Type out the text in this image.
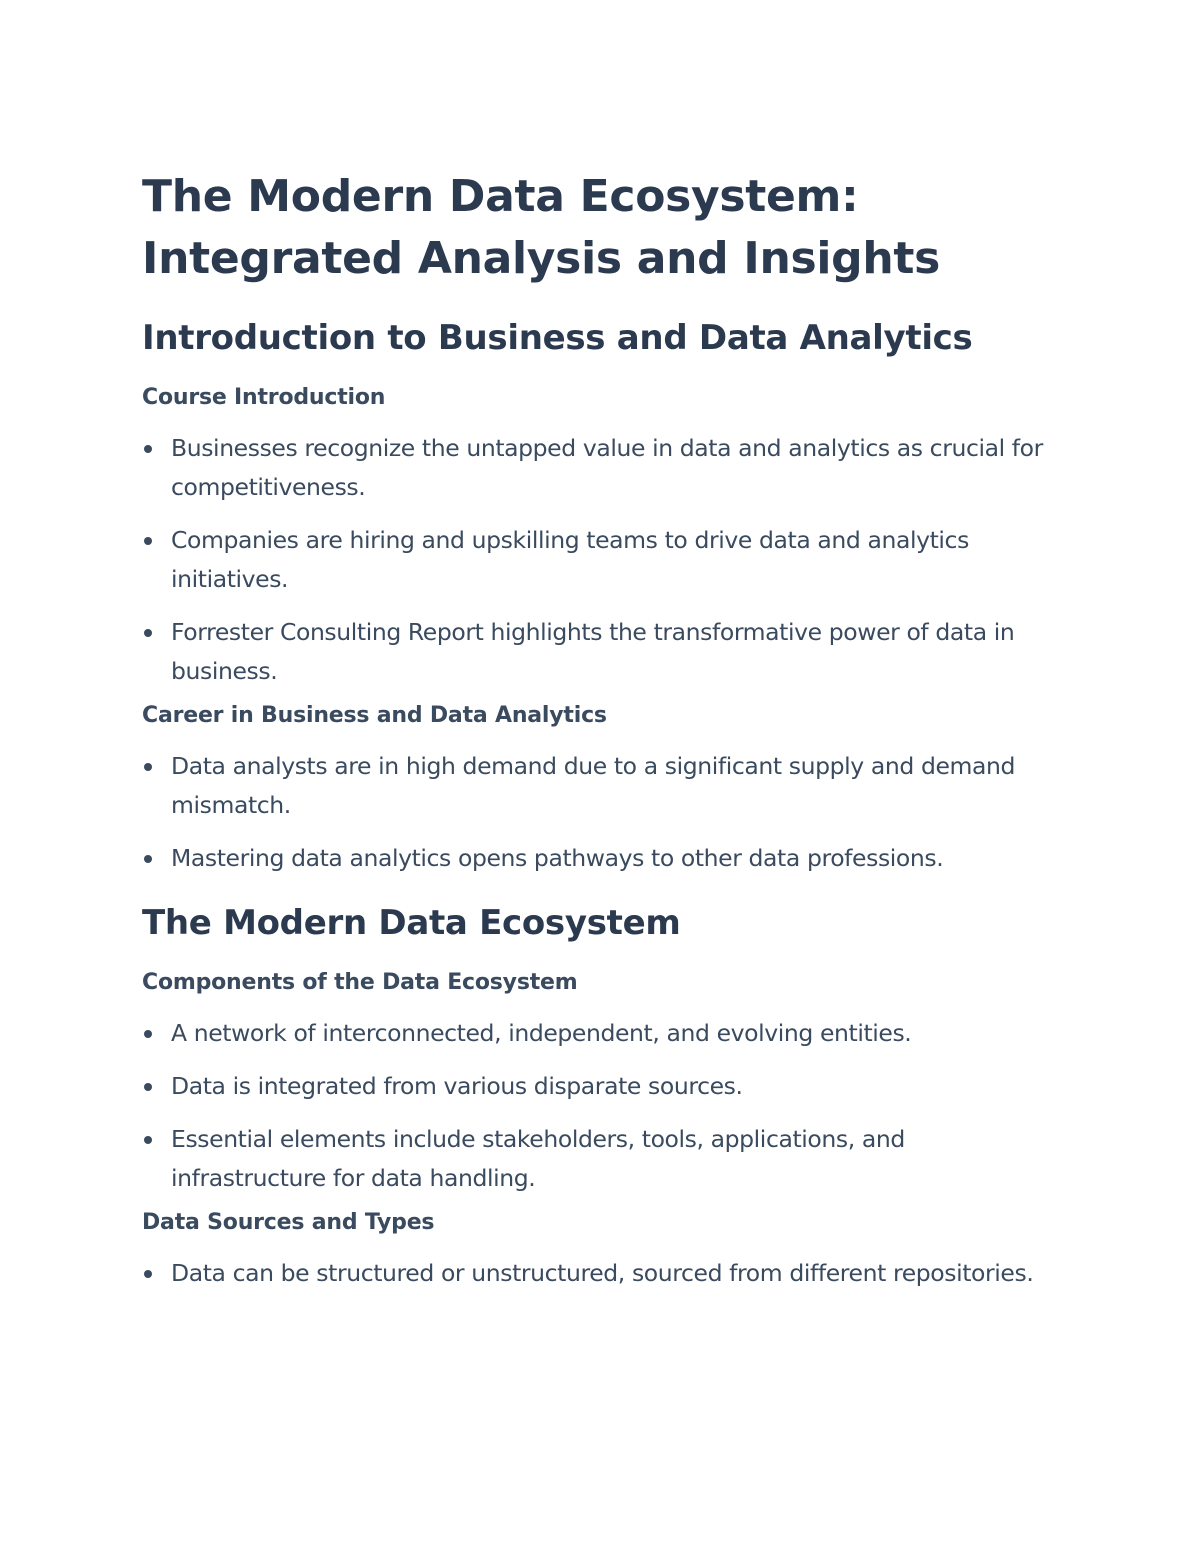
The Modern Data Ecosystem:
Integrated Analysis and Insights
Introduction to Business and Data Analytics
Course Introduction
Businesses recognize the untapped value in data and analytics as crucial for competitiveness.
Companies are hiring and upskilling teams to drive data and analytics initiatives.
Forrester Consulting Report highlights the transformative power of data in business.
Career in Business and Data Analytics
Data analysts are in high demand due to a significant supply and demand mismatch.
Mastering data analytics opens pathways to other data professions.
The Modern Data Ecosystem
Components of the Data Ecosystem
A network of interconnected, independent, and evolving entities.
Data is integrated from various disparate sources.
Essential elements include stakeholders, tools, applications, and infrastructure for data handling.
Data Sources and Types
Data can be structured or unstructured, sourced from different repositories.
